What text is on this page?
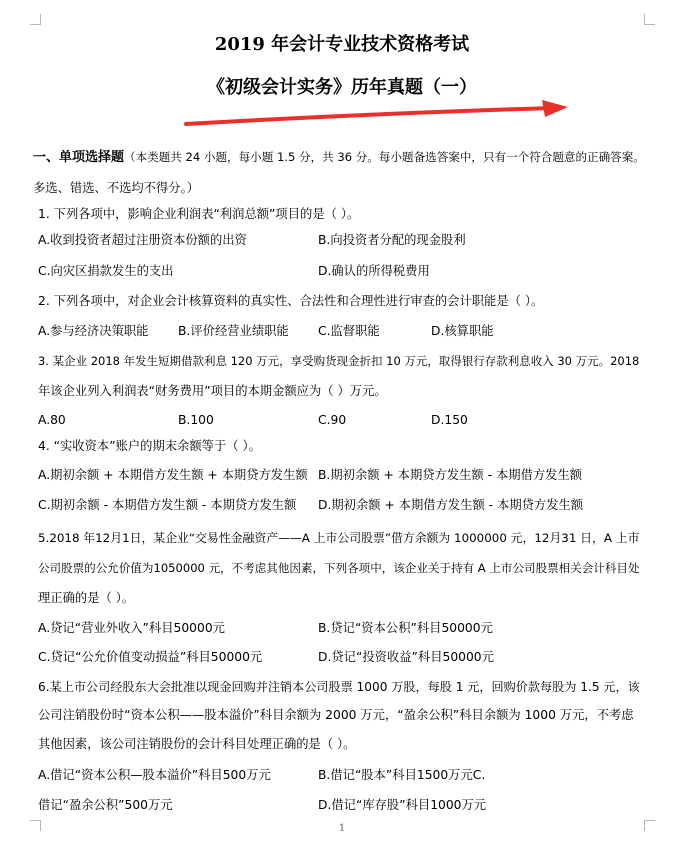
2019 年会计专业技术资格考试
《初级会计实务》历年真题（一）
一、单项选择题（本类题共 24 小题，每小题 1.5 分，共 36 分。每小题备选答案中，只有一个符合题意的正确答案。
多选、错选、不选均不得分。）
1. 下列各项中，影响企业利润表“利润总额”项目的是（ ）。
A.收到投资者超过注册资本份额的出资	B.向投资者分配的现金股利
C.向灾区捐款发生的支出	D.确认的所得税费用
2. 下列各项中，对企业会计核算资料的真实性、合法性和合理性进行审查的会计职能是（ ）。
A.参与经济决策职能 B.评价经营业绩职能 C.监督职能	D.核算职能
3. 某企业 2018 年发生短期借款利息 120 万元，享受购货现金折扣 10 万元，取得银行存款利息收入 30 万元。2018
年该企业列入利润表“财务费用”项目的本期金额应为（ ）万元。
A.80	B.100	C.90	D.150
4. “实收资本”账户的期末余额等于（ ）。
A.期初余额 + 本期借方发生额 + 本期贷方发生额 B.期初余额 + 本期贷方发生额 - 本期借方发生额
C.期初余额 - 本期借方发生额 - 本期贷方发生额 D.期初余额 + 本期借方发生额 - 本期贷方发生额
5.2018 年12月1日，某企业“交易性金融资产——A 上市公司股票”借方余额为 1000000 元，12月31 日，A 上市
公司股票的公允价值为1050000 元，不考虑其他因素，下列各项中，该企业关于持有 A 上市公司股票相关会计科目处
理正确的是（ ）。
A.贷记“营业外收入”科目50000元	B.贷记“资本公积”科目50000元
C.贷记“公允价值变动损益”科目50000元	D.贷记“投资收益”科目50000元
6.某上市公司经股东大会批准以现金回购并注销本公司股票 1000 万股，每股 1 元，回购价款每股为 1.5 元，该
公司注销股份时“资本公积——股本溢价”科目余额为 2000 万元，“盈余公积”科目余额为 1000 万元，不考虑
其他因素，该公司注销股份的会计科目处理正确的是（ ）。
A.借记“资本公积—股本溢价”科目500万元	B.借记“股本”科目1500万元C.
借记“盈余公积”500万元	D.借记“库存股”科目1000万元
1
